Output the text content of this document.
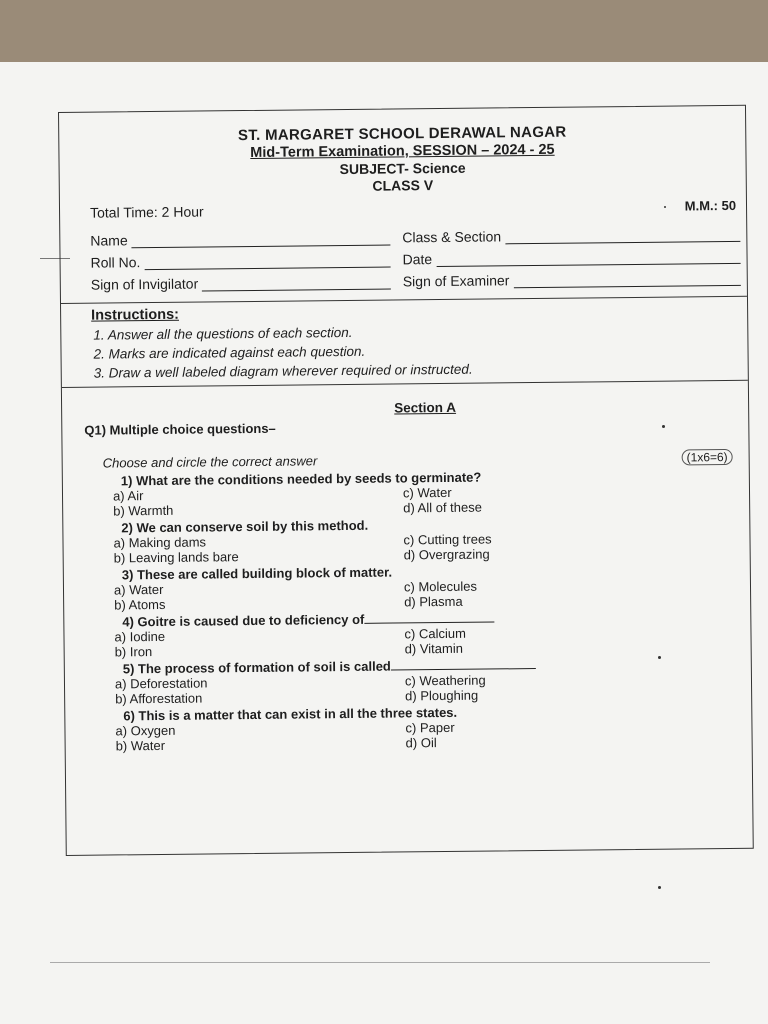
ST. MARGARET SCHOOL DERAWAL NAGAR
Mid-Term Examination, SESSION – 2024 - 25
SUBJECT- Science
CLASS V
Total Time: 2 Hour	M.M.: 50
Name	Class & Section
Roll No.	Date
Sign of Invigilator	Sign of Examiner
Instructions:
1. Answer all the questions of each section.
2. Marks are indicated against each question.
3. Draw a well labeled diagram wherever required or instructed.
Section A
Q1) Multiple choice questions–
Choose and circle the correct answer	(1x6=6)
1) What are the conditions needed by seeds to germinate?
a) Air	c) Water
b) Warmth	d) All of these
2) We can conserve soil by this method.
a) Making dams	c) Cutting trees
b) Leaving lands bare	d) Overgrazing
3) These are called building block of matter.
a) Water	c) Molecules
b) Atoms	d) Plasma
4) Goitre is caused due to deficiency of
a) Iodine	c) Calcium
b) Iron	d) Vitamin
5) The process of formation of soil is called
a) Deforestation	c) Weathering
b) Afforestation	d) Ploughing
6) This is a matter that can exist in all the three states.
a) Oxygen	c) Paper
b) Water	d) Oil
